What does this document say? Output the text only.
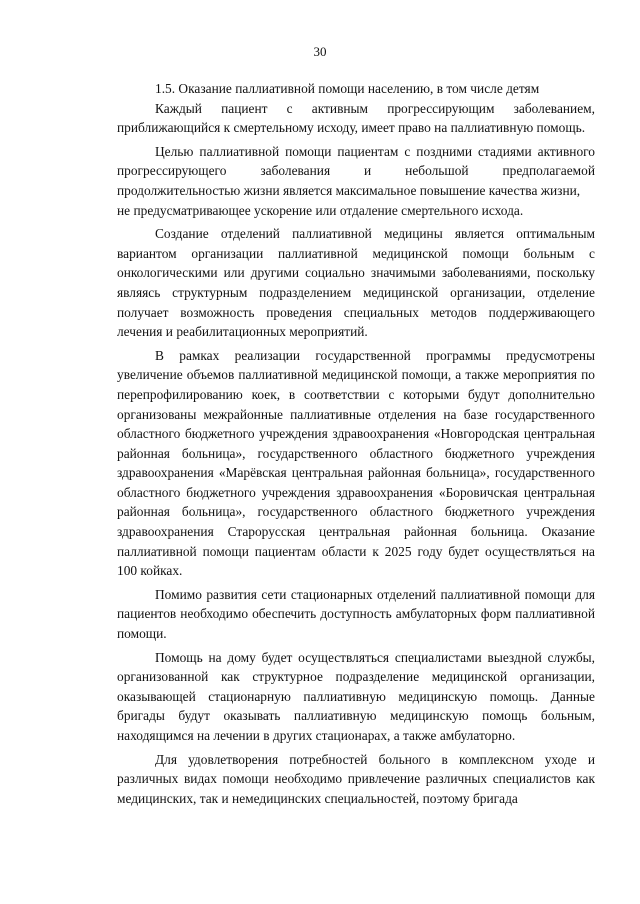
30

1.5. Оказание паллиативной помощи населению, в том числе детям

Каждый пациент с активным прогрессирующим заболеванием, приближающийся к смертельному исходу, имеет право на паллиативную помощь.

Целью паллиативной помощи пациентам с поздними стадиями активного прогрессирующего заболевания и небольшой предполагаемой продолжительностью жизни является максимальное повышение качества жизни,

не предусматривающее ускорение или отдаление смертельного исхода.

Создание отделений паллиативной медицины является оптимальным вариантом организации паллиативной медицинской помощи больным с онкологическими или другими социально значимыми заболеваниями, поскольку являясь структурным подразделением медицинской организации, отделение получает возможность проведения специальных методов поддерживающего лечения и реабилитационных мероприятий.

В рамках реализации государственной программы предусмотрены увеличение объемов паллиативной медицинской помощи, а также мероприятия по перепрофилированию коек, в соответствии с которыми будут дополнительно организованы межрайонные паллиативные отделения на базе государственного областного бюджетного учреждения здравоохранения «Новгородская центральная районная больница», государственного областного бюджетного учреждения здравоохранения «Марёвская центральная районная больница», государственного областного бюджетного учреждения здравоохранения «Боровичская центральная районная больница», государственного областного бюджетного учреждения здравоохранения Старорусская центральная районная больница. Оказание паллиативной помощи пациентам области к 2025 году будет осуществляться на 100 койках.

Помимо развития сети стационарных отделений паллиативной помощи для пациентов необходимо обеспечить доступность амбулаторных форм паллиативной помощи.

Помощь на дому будет осуществляться специалистами выездной службы, организованной как структурное подразделение медицинской организации, оказывающей стационарную паллиативную медицинскую помощь. Данные бригады будут оказывать паллиативную медицинскую помощь больным, находящимся на лечении в других стационарах, а также амбулаторно.

Для удовлетворения потребностей больного в комплексном уходе и различных видах помощи необходимо привлечение различных специалистов как медицинских, так и немедицинских специальностей, поэтому бригада
